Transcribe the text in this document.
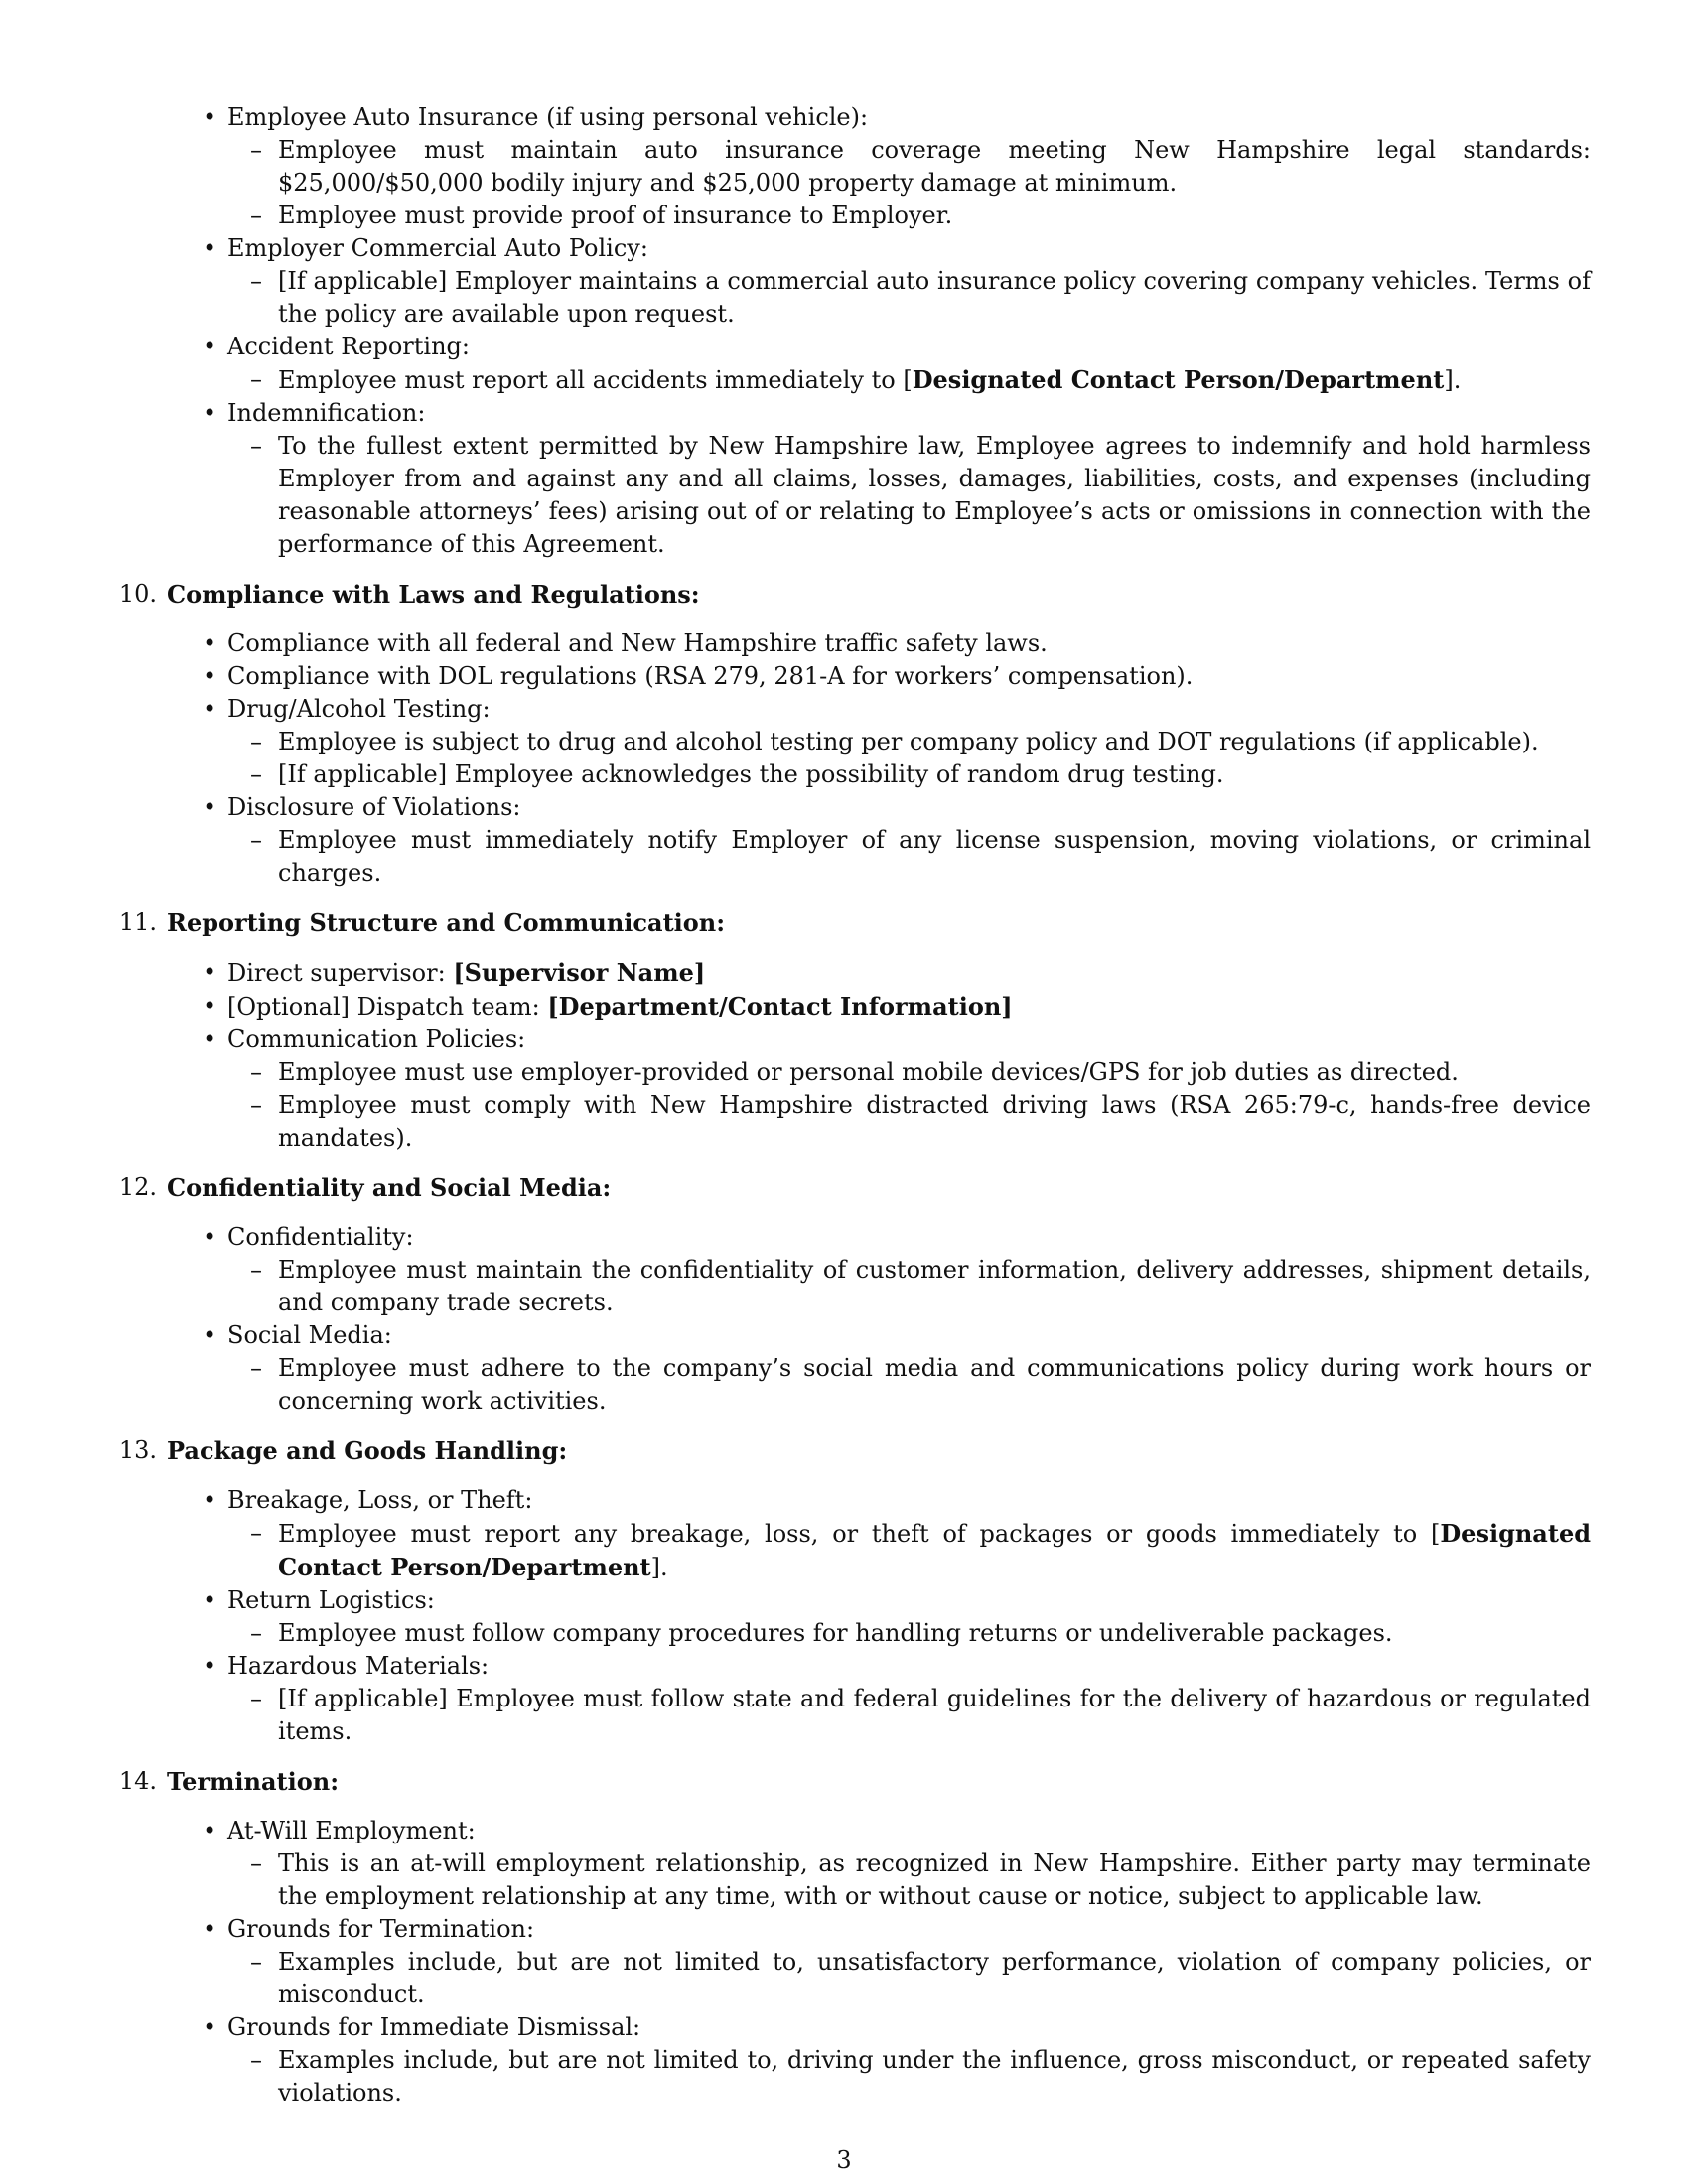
• Employee Auto Insurance (if using personal vehicle):
– Employee must maintain auto insurance coverage meeting New Hampshire legal standards: $25,000/$50,000 bodily injury and $25,000 property damage at minimum.
– Employee must provide proof of insurance to Employer.
• Employer Commercial Auto Policy:
– [If applicable] Employer maintains a commercial auto insurance policy covering company vehicles. Terms of the policy are available upon request.
• Accident Reporting:
– Employee must report all accidents immediately to [Designated Contact Person/Department].
• Indemnification:
– To the fullest extent permitted by New Hampshire law, Employee agrees to indemnify and hold harmless Employer from and against any and all claims, losses, damages, liabilities, costs, and expenses (including reasonable attorneys’ fees) arising out of or relating to Employee’s acts or omissions in connection with the performance of this Agreement.
10. Compliance with Laws and Regulations:
• Compliance with all federal and New Hampshire traffic safety laws.
• Compliance with DOL regulations (RSA 279, 281-A for workers’ compensation).
• Drug/Alcohol Testing:
– Employee is subject to drug and alcohol testing per company policy and DOT regulations (if applicable).
– [If applicable] Employee acknowledges the possibility of random drug testing.
• Disclosure of Violations:
– Employee must immediately notify Employer of any license suspension, moving violations, or criminal charges.
11. Reporting Structure and Communication:
• Direct supervisor: [Supervisor Name]
• [Optional] Dispatch team: [Department/Contact Information]
• Communication Policies:
– Employee must use employer-provided or personal mobile devices/GPS for job duties as directed.
– Employee must comply with New Hampshire distracted driving laws (RSA 265:79-c, hands-free device mandates).
12. Confidentiality and Social Media:
• Confidentiality:
– Employee must maintain the confidentiality of customer information, delivery addresses, shipment details, and company trade secrets.
• Social Media:
– Employee must adhere to the company’s social media and communications policy during work hours or concerning work activities.
13. Package and Goods Handling:
• Breakage, Loss, or Theft:
– Employee must report any breakage, loss, or theft of packages or goods immediately to [Designated Contact Person/Department].
• Return Logistics:
– Employee must follow company procedures for handling returns or undeliverable packages.
• Hazardous Materials:
– [If applicable] Employee must follow state and federal guidelines for the delivery of hazardous or regulated items.
14. Termination:
• At-Will Employment:
– This is an at-will employment relationship, as recognized in New Hampshire. Either party may terminate the employment relationship at any time, with or without cause or notice, subject to applicable law.
• Grounds for Termination:
– Examples include, but are not limited to, unsatisfactory performance, violation of company policies, or misconduct.
• Grounds for Immediate Dismissal:
– Examples include, but are not limited to, driving under the influence, gross misconduct, or repeated safety violations.
3
